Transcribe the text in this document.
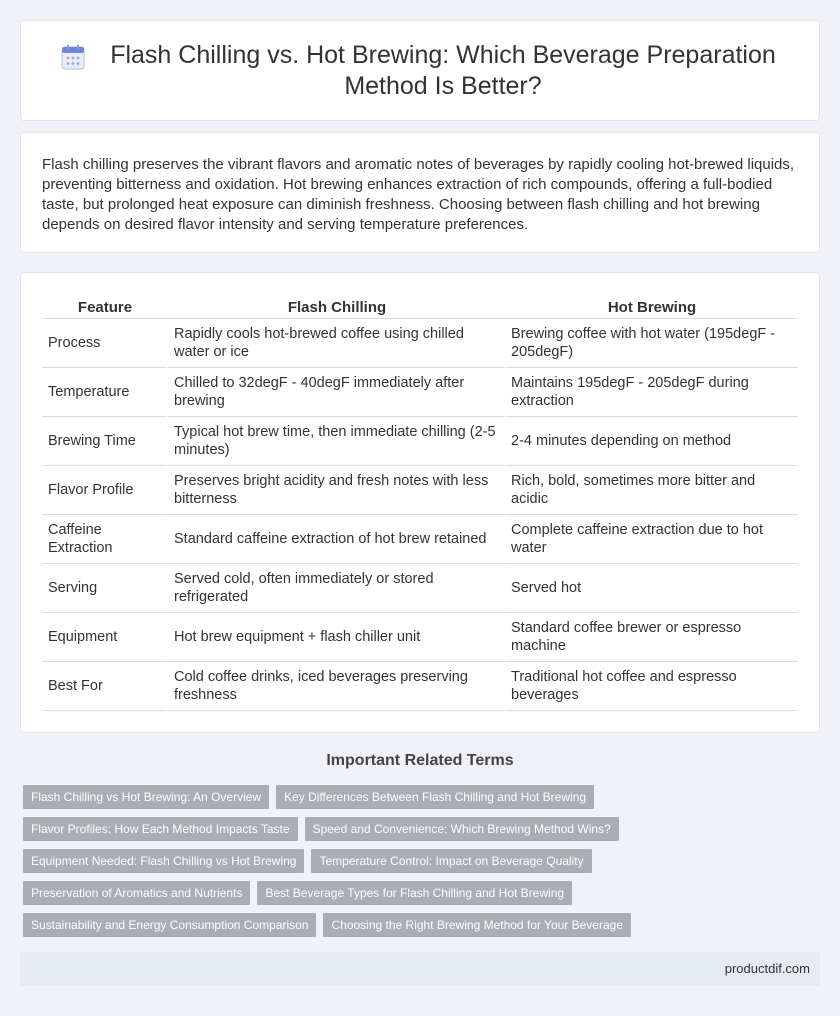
Flash Chilling vs. Hot Brewing: Which Beverage Preparation Method Is Better?

Flash chilling preserves the vibrant flavors and aromatic notes of beverages by rapidly cooling hot-brewed liquids, preventing bitterness and oxidation. Hot brewing enhances extraction of rich compounds, offering a full-bodied taste, but prolonged heat exposure can diminish freshness. Choosing between flash chilling and hot brewing depends on desired flavor intensity and serving temperature preferences.

Feature	Flash Chilling	Hot Brewing
Process	Rapidly cools hot-brewed coffee using chilled water or ice	Brewing coffee with hot water (195degF - 205degF)
Temperature	Chilled to 32degF - 40degF immediately after brewing	Maintains 195degF - 205degF during extraction
Brewing Time	Typical hot brew time, then immediate chilling (2-5 minutes)	2-4 minutes depending on method
Flavor Profile	Preserves bright acidity and fresh notes with less bitterness	Rich, bold, sometimes more bitter and acidic
Caffeine Extraction	Standard caffeine extraction of hot brew retained	Complete caffeine extraction due to hot water
Serving	Served cold, often immediately or stored refrigerated	Served hot
Equipment	Hot brew equipment + flash chiller unit	Standard coffee brewer or espresso machine
Best For	Cold coffee drinks, iced beverages preserving freshness	Traditional hot coffee and espresso beverages
Important Related Terms
Flash Chilling vs Hot Brewing: An Overview	Key Differences Between Flash Chilling and Hot Brewing
Flavor Profiles: How Each Method Impacts Taste	Speed and Convenience: Which Brewing Method Wins?
Equipment Needed: Flash Chilling vs Hot Brewing	Temperature Control: Impact on Beverage Quality
Preservation of Aromatics and Nutrients	Best Beverage Types for Flash Chilling and Hot Brewing
Sustainability and Energy Consumption Comparison	Choosing the Right Brewing Method for Your Beverage
productdif.com
